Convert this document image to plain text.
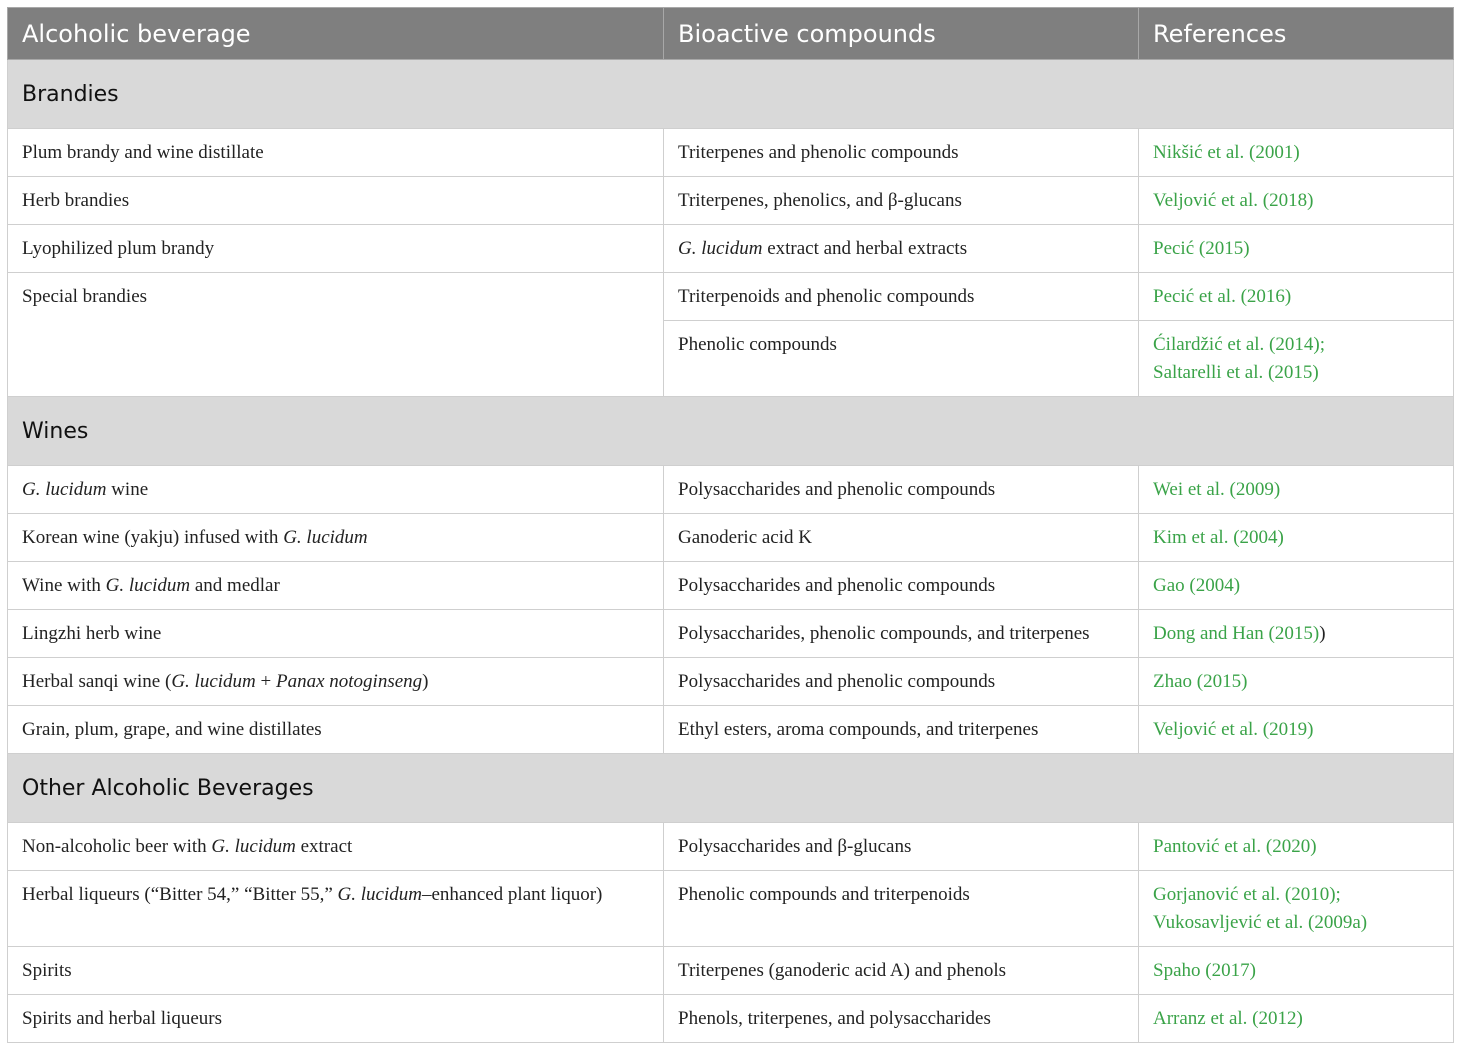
Alcoholic beverage	Bioactive compounds	References
Brandies		
Plum brandy and wine distillate	Triterpenes and phenolic compounds	Nikšić et al. (2001)

Herb brandies	Triterpenes, phenolics, and β-glucans	Veljović et al. (2018)

Lyophilized plum brandy	G. lucidum extract and herbal extracts	Pecić (2015)

Special brandies	Triterpenoids and phenolic compounds	Pecić et al. (2016)

	Phenolic compounds	Ćilardžić et al. (2014);
Saltarelli et al. (2015)

Wines		
G. lucidum wine	Polysaccharides and phenolic compounds	Wei et al. (2009)

Korean wine (yakju) infused with G. lucidum	Ganoderic acid K	Kim et al. (2004)

Wine with G. lucidum and medlar	Polysaccharides and phenolic compounds	Gao (2004)

Lingzhi herb wine	Polysaccharides, phenolic compounds, and triterpenes	Dong and Han (2015))
Herbal sanqi wine (G. lucidum + Panax notoginseng)	Polysaccharides and phenolic compounds	Zhao (2015)

Grain, plum, grape, and wine distillates	Ethyl esters, aroma compounds, and triterpenes	Veljović et al. (2019)

Other Alcoholic Beverages		
Non-alcoholic beer with G. lucidum extract	Polysaccharides and β-glucans	Pantović et al. (2020)

Herbal liqueurs (“Bitter 54,” “Bitter 55,” G. lucidum–enhanced plant liquor)	Phenolic compounds and triterpenoids	Gorjanović et al. (2010);
Vukosavljević et al. (2009a)

Spirits	Triterpenes (ganoderic acid A) and phenols	Spaho (2017)

Spirits and herbal liqueurs	Phenols, triterpenes, and polysaccharides	Arranz et al. (2012)
